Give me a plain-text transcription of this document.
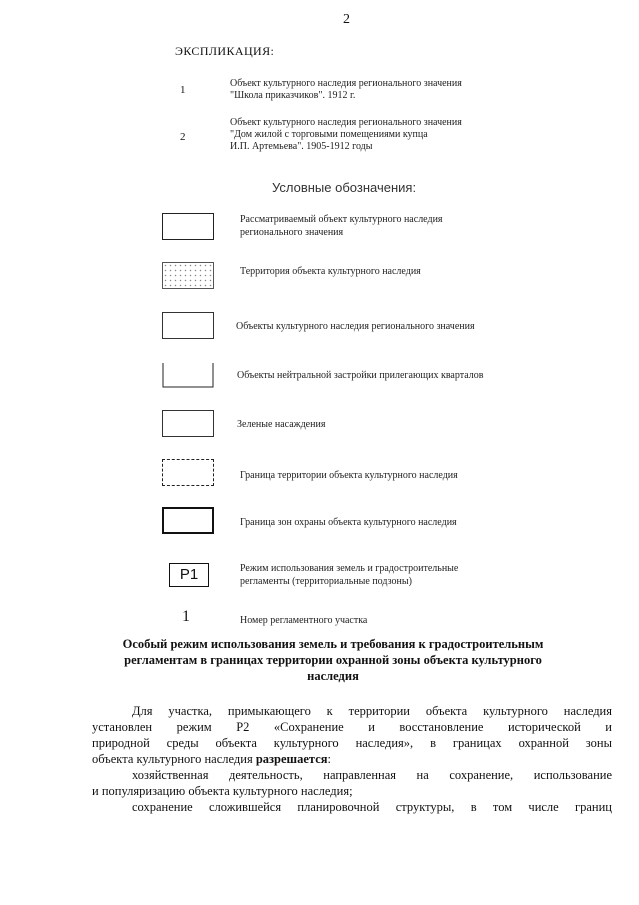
2
ЭКСПЛИКАЦИЯ:
1
Объект культурного наследия регионального значения
"Школа приказчиков". 1912 г.
2
Объект культурного наследия регионального значения
"Дом жилой с торговыми помещениями купца
И.П. Артемьева". 1905-1912 годы
Условные обозначения:
Рассматриваемый объект культурного наследия
регионального значения
Территория объекта культурного наследия
Объекты культурного наследия регионального значения
Объекты нейтральной застройки прилегающих кварталов
Зеленые насаждения
Граница территории объекта культурного наследия
Граница зон охраны объекта культурного наследия
Р1	Режим использования земель и градостроительные
регламенты (территориальные подзоны)
1	Номер регламентного участка
Особый режим использования земель и требования к градостроительным
регламентам в границах территории охранной зоны объекта культурного
наследия
Для участка, примыкающего к территории объекта культурного наследия
установлен режим Р2 «Сохранение и восстановление исторической и
природной среды объекта культурного наследия», в границах охранной зоны
объекта культурного наследия разрешается:
хозяйственная деятельность, направленная на сохранение, использование
и популяризацию объекта культурного наследия;
сохранение сложившейся планировочной структуры, в том числе границ
